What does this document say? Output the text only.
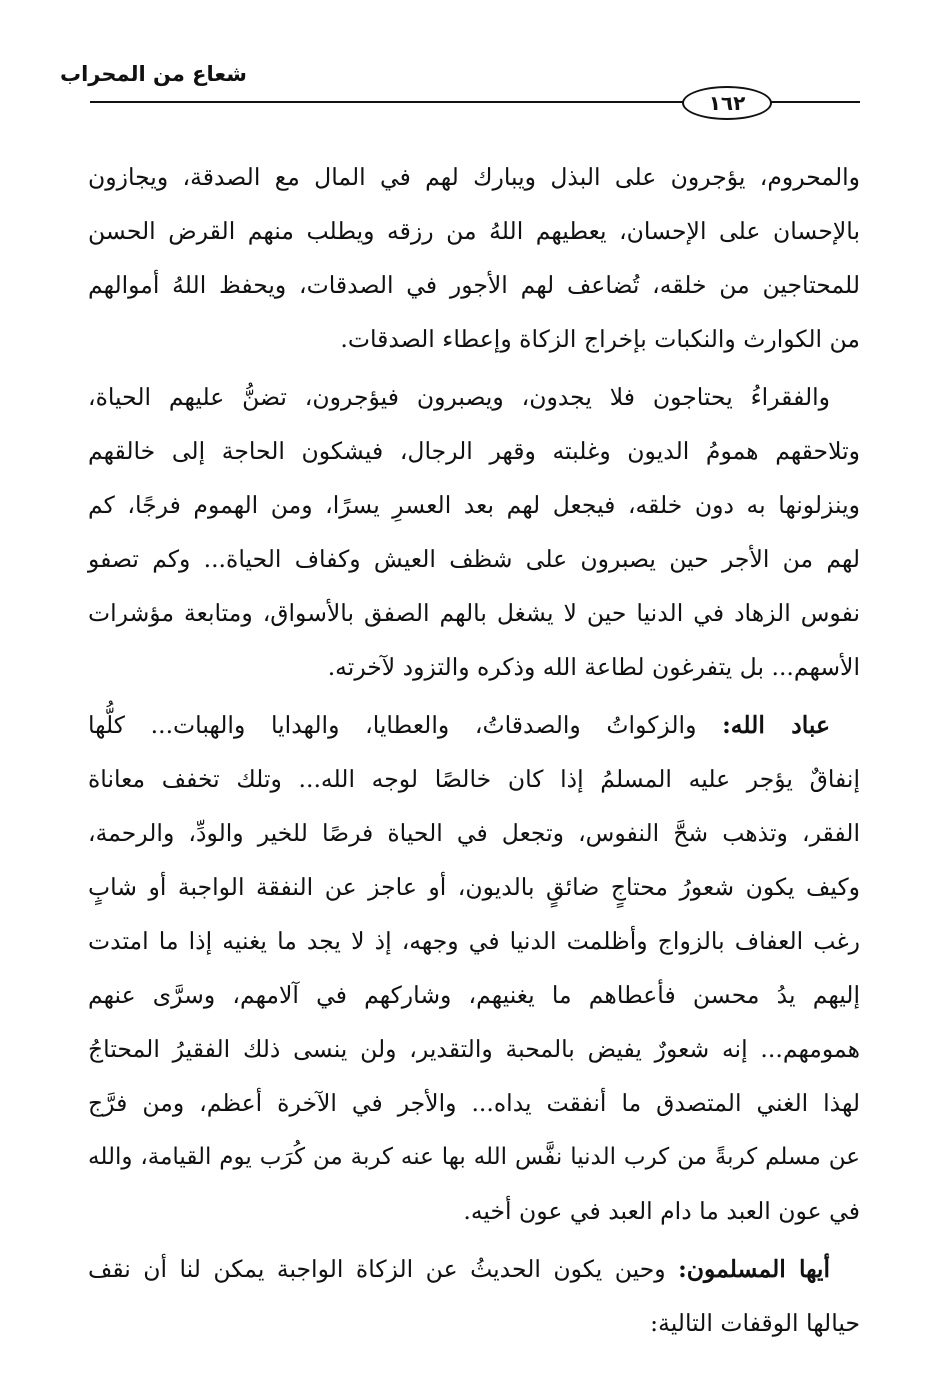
شعاع من المحراب
١٦٢
والمحروم، يؤجرون على البذل ويبارك لهم في المال مع الصدقة، ويجازون
بالإحسان على الإحسان، يعطيهم اللهُ من رزقه ويطلب منهم القرض الحسن
للمحتاجين من خلقه، تُضاعف لهم الأجور في الصدقات، ويحفظ اللهُ أموالهم
من الكوارث والنكبات بإخراج الزكاة وإعطاء الصدقات.
والفقراءُ يحتاجون فلا يجدون، ويصبرون فيؤجرون، تضنُّ عليهم الحياة،
وتلاحقهم همومُ الديون وغلبته وقهر الرجال، فيشكون الحاجة إلى خالقهم
وينزلونها به دون خلقه، فيجعل لهم بعد العسرِ يسرًا، ومن الهموم فرجًا، كم
لهم من الأجر حين يصبرون على شظف العيش وكفاف الحياة... وكم تصفو
نفوس الزهاد في الدنيا حين لا يشغل بالهم الصفق بالأسواق، ومتابعة مؤشرات
الأسهم... بل يتفرغون لطاعة الله وذكره والتزود لآخرته.
عباد الله: والزكواتُ والصدقاتُ، والعطايا، والهدايا والهبات... كلُّها
إنفاقٌ يؤجر عليه المسلمُ إذا كان خالصًا لوجه الله... وتلك تخفف معاناة
الفقر، وتذهب شحَّ النفوس، وتجعل في الحياة فرصًا للخير والودِّ، والرحمة،
وكيف يكون شعورُ محتاجٍ ضائقٍ بالديون، أو عاجز عن النفقة الواجبة أو شابٍ
رغب العفاف بالزواج وأظلمت الدنيا في وجهه، إذ لا يجد ما يغنيه إذا ما امتدت
إليهم يدُ محسن فأعطاهم ما يغنيهم، وشاركهم في آلامهم، وسرَّى عنهم
همومهم... إنه شعورٌ يفيض بالمحبة والتقدير، ولن ينسى ذلك الفقيرُ المحتاجُ
لهذا الغني المتصدق ما أنفقت يداه... والأجر في الآخرة أعظم، ومن فرَّج
عن مسلم كربةً من كرب الدنيا نفَّس الله بها عنه كربة من كُرَب يوم القيامة، والله
في عون العبد ما دام العبد في عون أخيه.
أيها المسلمون: وحين يكون الحديثُ عن الزكاة الواجبة يمكن لنا أن نقف
حيالها الوقفات التالية:
